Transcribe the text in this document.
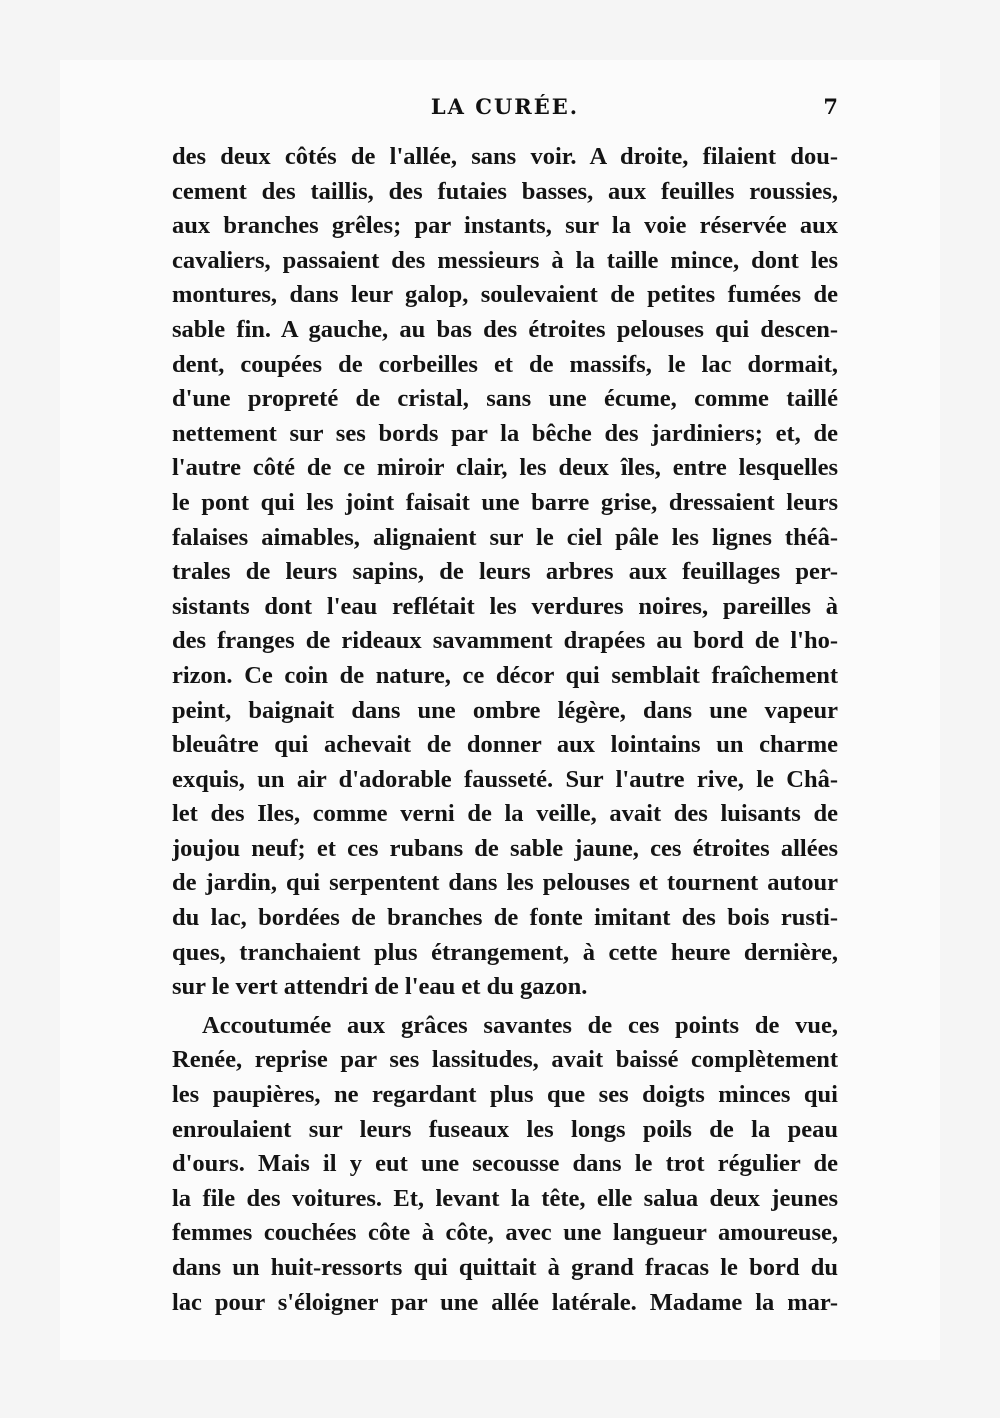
LA CURÉE.	7
des deux côtés de l'allée, sans voir. A droite, filaient dou-
cement des taillis, des futaies basses, aux feuilles roussies,
aux branches grêles; par instants, sur la voie réservée aux
cavaliers, passaient des messieurs à la taille mince, dont les
montures, dans leur galop, soulevaient de petites fumées de
sable fin. A gauche, au bas des étroites pelouses qui descen-
dent, coupées de corbeilles et de massifs, le lac dormait,
d'une propreté de cristal, sans une écume, comme taillé
nettement sur ses bords par la bêche des jardiniers; et, de
l'autre côté de ce miroir clair, les deux îles, entre lesquelles
le pont qui les joint faisait une barre grise, dressaient leurs
falaises aimables, alignaient sur le ciel pâle les lignes théâ-
trales de leurs sapins, de leurs arbres aux feuillages per-
sistants dont l'eau reflétait les verdures noires, pareilles à
des franges de rideaux savamment drapées au bord de l'ho-
rizon. Ce coin de nature, ce décor qui semblait fraîchement
peint, baignait dans une ombre légère, dans une vapeur
bleuâtre qui achevait de donner aux lointains un charme
exquis, un air d'adorable fausseté. Sur l'autre rive, le Châ-
let des Iles, comme verni de la veille, avait des luisants de
joujou neuf; et ces rubans de sable jaune, ces étroites allées
de jardin, qui serpentent dans les pelouses et tournent autour
du lac, bordées de branches de fonte imitant des bois rusti-
ques, tranchaient plus étrangement, à cette heure dernière,
sur le vert attendri de l'eau et du gazon.
Accoutumée aux grâces savantes de ces points de vue,
Renée, reprise par ses lassitudes, avait baissé complètement
les paupières, ne regardant plus que ses doigts minces qui
enroulaient sur leurs fuseaux les longs poils de la peau
d'ours. Mais il y eut une secousse dans le trot régulier de
la file des voitures. Et, levant la tête, elle salua deux jeunes
femmes couchées côte à côte, avec une langueur amoureuse,
dans un huit-ressorts qui quittait à grand fracas le bord du
lac pour s'éloigner par une allée latérale. Madame la mar-
